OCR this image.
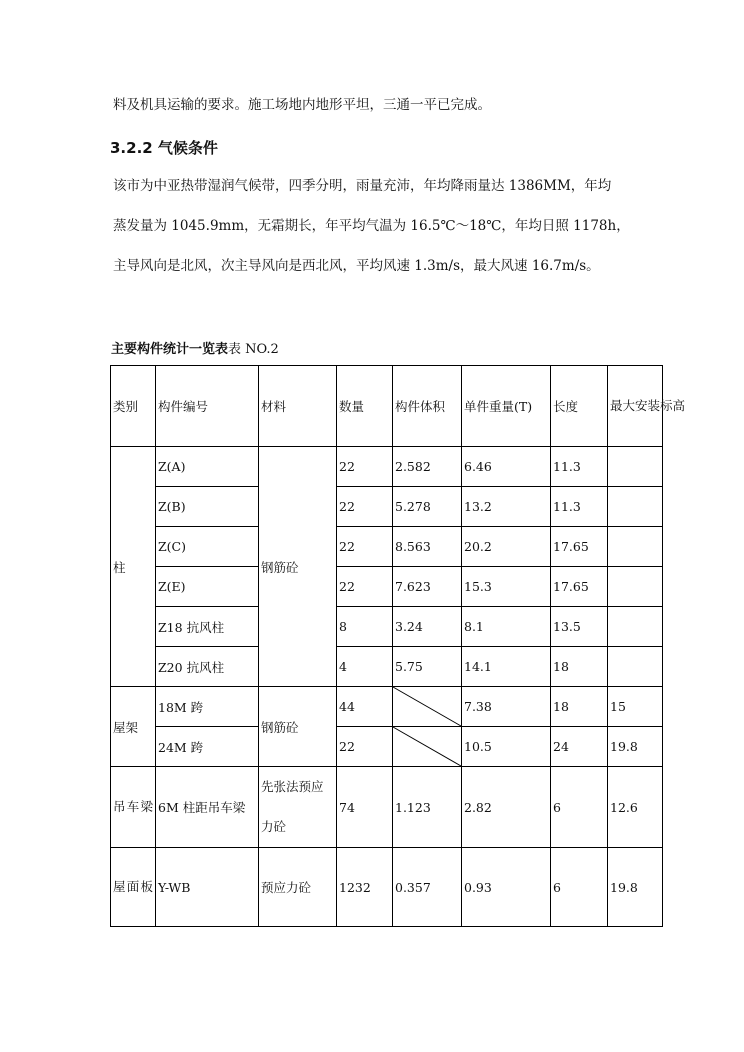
料及机具运输的要求。施工场地内地形平坦，三通一平已完成。
3.2.2 气候条件
该市为中亚热带湿润气候带，四季分明，雨量充沛，年均降雨量达 1386MM，年均
蒸发量为 1045.9mm，无霜期长，年平均气温为 16.5℃～18℃，年均日照 1178h，
主导风向是北风，次主导风向是西北风，平均风速 1.3m/s，最大风速 16.7m/s。
主要构件统计一览表表 NO.2
类别	构件编号	材料	数量	构件体积	单件重量(T)	长度	最大安装标高
柱	Z(A)	钢筋砼	22	2.582	6.46	11.3	
	Z(B)		22	5.278	13.2	11.3	
	Z(C)		22	8.563	20.2	17.65	
	Z(E)		22	7.623	15.3	17.65	
	Z18 抗风柱		8	3.24	8.1	13.5	
	Z20 抗风柱		4	5.75	14.1	18	
屋架	18M 跨	钢筋砼	44		7.38	18	15
	24M 跨		22		10.5	24	19.8
吊车梁	6M 柱距吊车梁	先张法预应力砼	74	1.123	2.82	6	12.6
屋面板	Y-WB	预应力砼	1232	0.357	0.93	6	19.8
